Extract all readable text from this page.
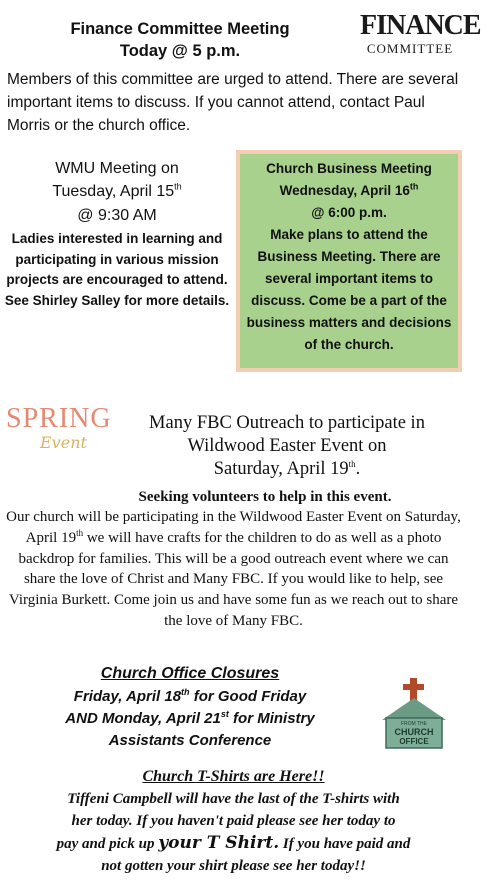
Finance Committee Meeting
Today @ 5 p.m.
FINANCE
COMMITTEE
Members of this committee are urged to attend. There are several important items to discuss. If you cannot attend, contact Paul Morris or the church office.
WMU Meeting on
Tuesday, April 15th
@ 9:30 AM
Ladies interested in learning and participating in various mission projects are encouraged to attend. See Shirley Salley for more details.
Church Business Meeting
Wednesday, April 16th
@ 6:00 p.m.
Make plans to attend the Business Meeting. There are several important items to discuss. Come be a part of the business matters and decisions of the church.
SPRING
Event
Many FBC Outreach to participate in
Wildwood Easter Event on
Saturday, April 19th.
Seeking volunteers to help in this event.
Our church will be participating in the Wildwood Easter Event on Saturday, April 19th we will have crafts for the children to do as well as a photo backdrop for families. This will be a good outreach event where we can share the love of Christ and Many FBC. If you would like to help, see Virginia Burkett. Come join us and have some fun as we reach out to share the love of Many FBC.
Church Office Closures
Friday, April 18th for Good Friday
AND Monday, April 21st for Ministry
Assistants Conference
FROM THE
CHURCH
OFFICE
Church T-Shirts are Here!!
Tiffeni Campbell will have the last of the T-shirts with
her today. If you haven't paid please see her today to
pay and pick up your T Shirt. If you have paid and
not gotten your shirt please see her today!!
